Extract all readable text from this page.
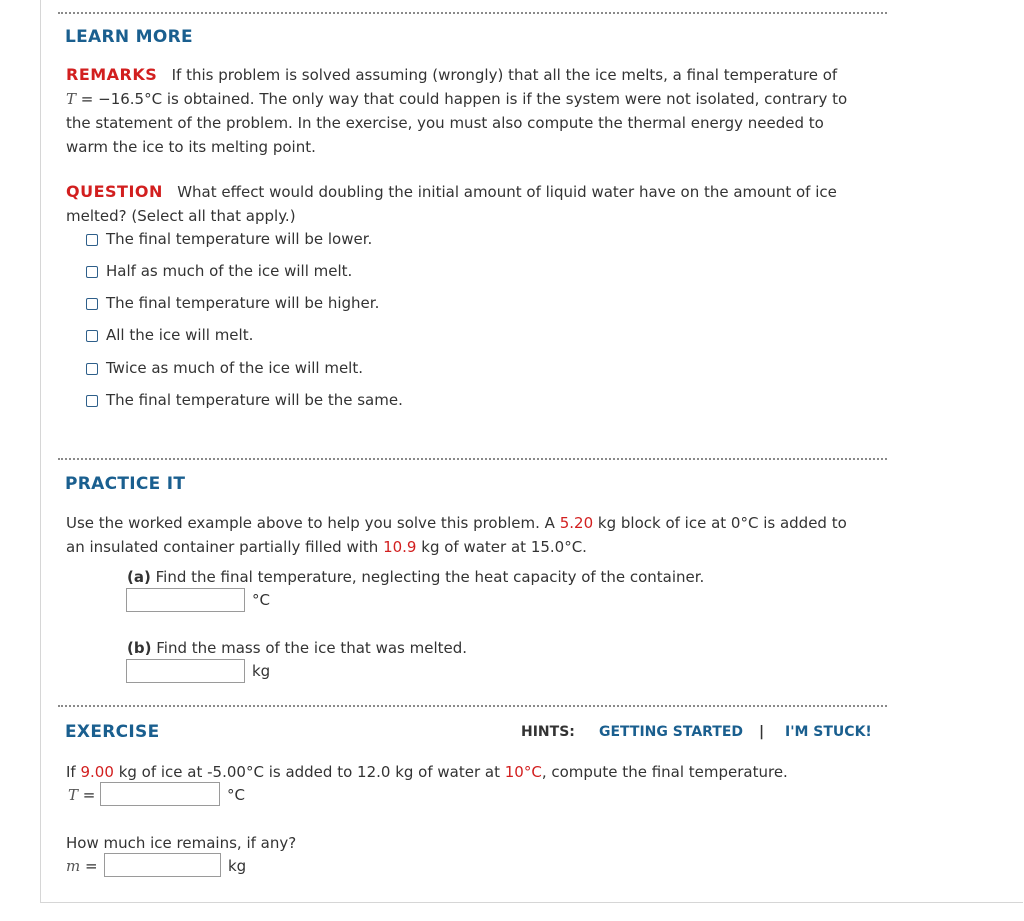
LEARN MORE
REMARKS If this problem is solved assuming (wrongly) that all the ice melts, a final temperature of
T = −16.5°C is obtained. The only way that could happen is if the system were not isolated, contrary to
the statement of the problem. In the exercise, you must also compute the thermal energy needed to
warm the ice to its melting point.
QUESTION What effect would doubling the initial amount of liquid water have on the amount of ice
melted? (Select all that apply.)
The final temperature will be lower.
Half as much of the ice will melt.
The final temperature will be higher.
All the ice will melt.
Twice as much of the ice will melt.
The final temperature will be the same.
PRACTICE IT
Use the worked example above to help you solve this problem. A 5.20 kg block of ice at 0°C is added to
an insulated container partially filled with 10.9 kg of water at 15.0°C.
(a) Find the final temperature, neglecting the heat capacity of the container.
°C
(b) Find the mass of the ice that was melted.
kg
EXERCISE	HINTS: GETTING STARTED | I'M STUCK!
If 9.00 kg of ice at -5.00°C is added to 12.0 kg of water at 10°C, compute the final temperature.
T =	°C
How much ice remains, if any?
m =	kg
